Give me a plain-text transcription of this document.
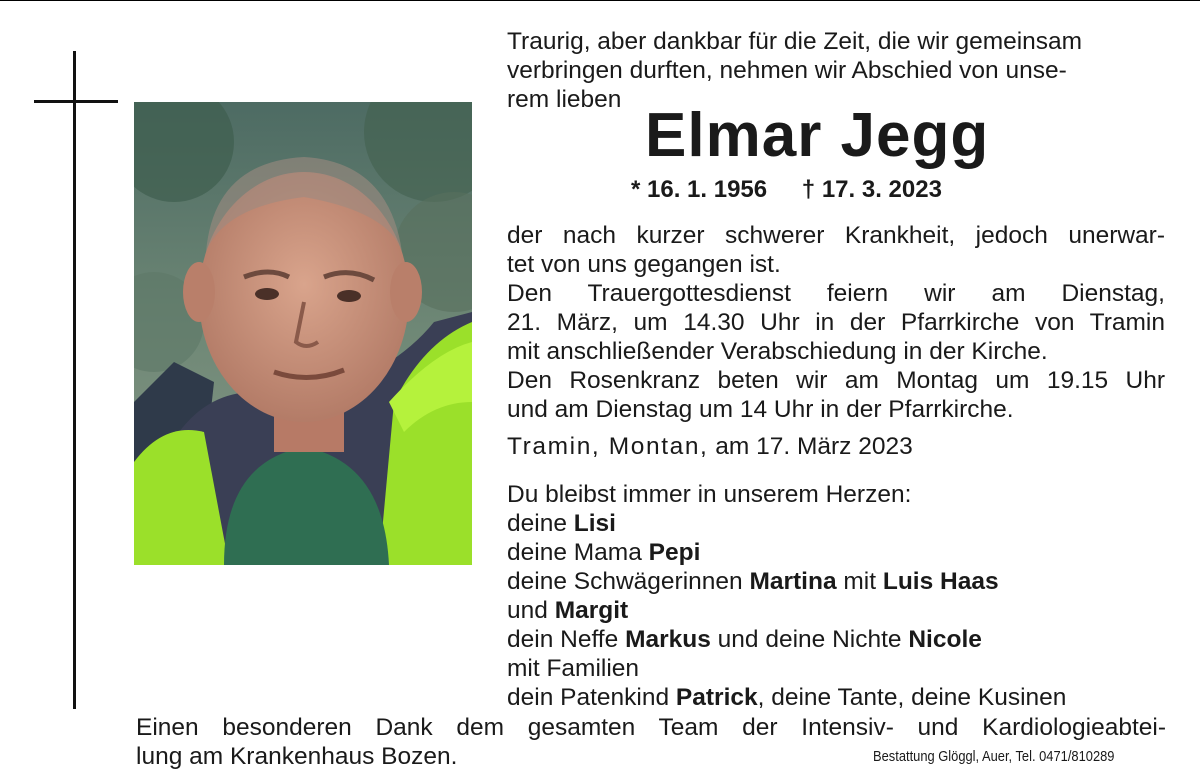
Traurig, aber dankbar für die Zeit, die wir gemeinsam
verbringen durften, nehmen wir Abschied von unse-
rem lieben
Elmar Jegg
* 16. 1. 1956 † 17. 3. 2023
der nach kurzer schwerer Krankheit, jedoch unerwar-
tet von uns gegangen ist.
Den Trauergottesdienst feiern wir am Dienstag,
21. März, um 14.30 Uhr in der Pfarrkirche von Tramin
mit anschließender Verabschiedung in der Kirche.
Den Rosenkranz beten wir am Montag um 19.15 Uhr
und am Dienstag um 14 Uhr in der Pfarrkirche.
Tramin, Montan, am 17. März 2023
Du bleibst immer in unserem Herzen:
deine Lisi
deine Mama Pepi
deine Schwägerinnen Martina mit Luis Haas
und Margit
dein Neffe Markus und deine Nichte Nicole
mit Familien
dein Patenkind Patrick, deine Tante, deine Kusinen
Einen besonderen Dank dem gesamten Team der Intensiv- und Kardiologieabtei-
lung am Krankenhaus Bozen.	Bestattung Glöggl, Auer, Tel. 0471/810289
